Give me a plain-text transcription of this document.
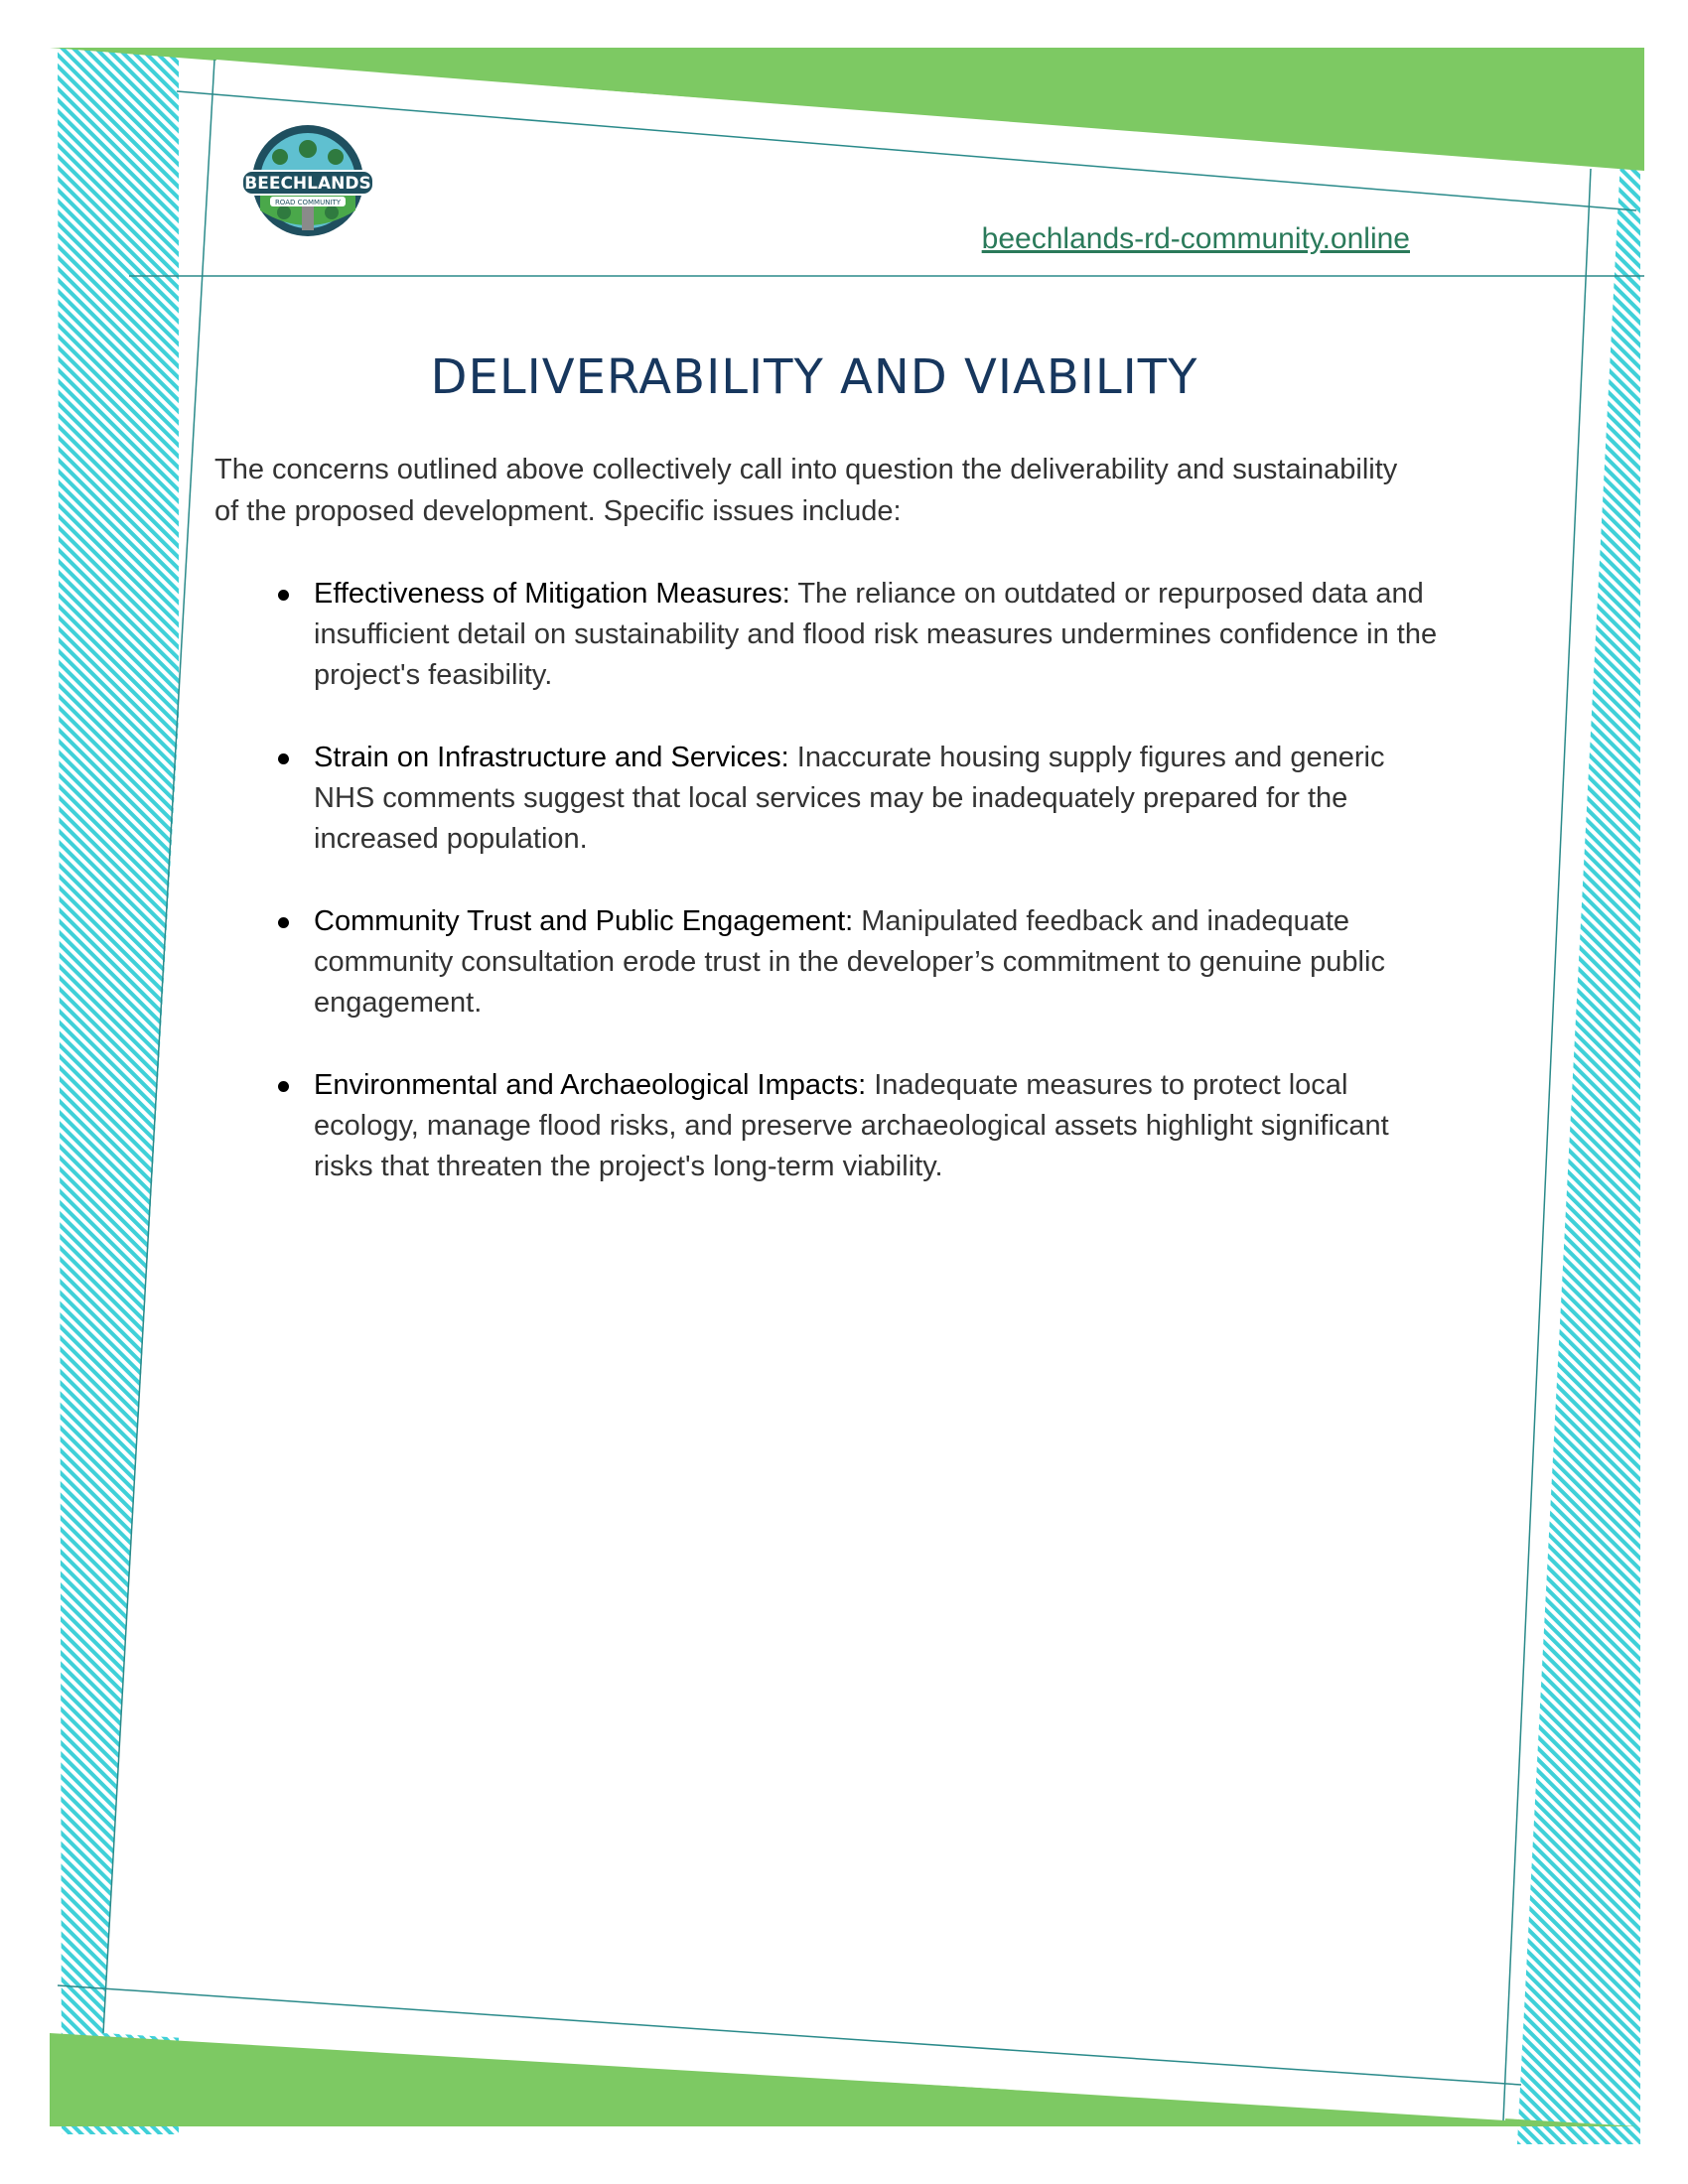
BEECHLANDS
ROAD COMMUNITY
beechlands-rd-community.online
DELIVERABILITY AND VIABILITY

The concerns outlined above collectively call into question the deliverability and sustainability of the proposed development. Specific issues include:

Effectiveness of Mitigation Measures: The reliance on outdated or repurposed data and insufficient detail on sustainability and flood risk measures undermines confidence in the project's feasibility.
Strain on Infrastructure and Services: Inaccurate housing supply figures and generic NHS comments suggest that local services may be inadequately prepared for the increased population.
Community Trust and Public Engagement: Manipulated feedback and inadequate community consultation erode trust in the developer’s commitment to genuine public engagement.
Environmental and Archaeological Impacts: Inadequate measures to protect local ecology, manage flood risks, and preserve archaeological assets highlight significant risks that threaten the project's long-term viability.
